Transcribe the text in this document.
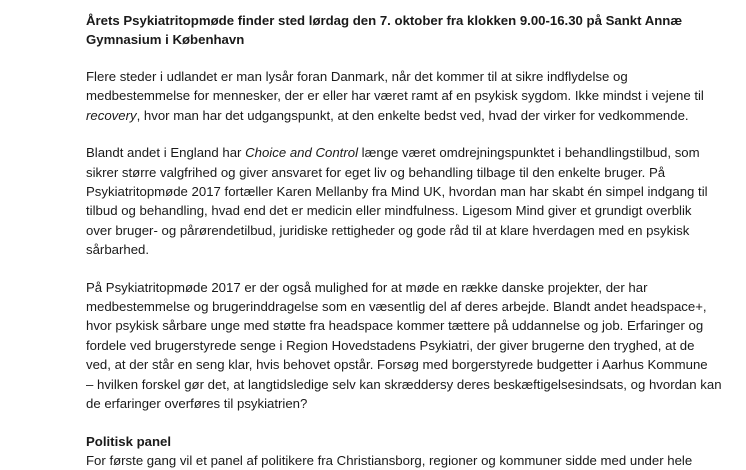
Årets Psykiatritopmøde finder sted lørdag den 7. oktober fra klokken 9.00-16.30 på Sankt Annæ
Gymnasium i København

Flere steder i udlandet er man lysår foran Danmark, når det kommer til at sikre indflydelse og
medbestemmelse for mennesker, der er eller har været ramt af en psykisk sygdom. Ikke mindst i vejene til
recovery, hvor man har det udgangspunkt, at den enkelte bedst ved, hvad der virker for vedkommende.

Blandt andet i England har Choice and Control længe været omdrejningspunktet i behandlingstilbud, som
sikrer større valgfrihed og giver ansvaret for eget liv og behandling tilbage til den enkelte bruger. På
Psykiatritopmøde 2017 fortæller Karen Mellanby fra Mind UK, hvordan man har skabt én simpel indgang til
tilbud og behandling, hvad end det er medicin eller mindfulness. Ligesom Mind giver et grundigt overblik
over bruger- og pårørendetilbud, juridiske rettigheder og gode råd til at klare hverdagen med en psykisk
sårbarhed.

På Psykiatritopmøde 2017 er der også mulighed for at møde en række danske projekter, der har
medbestemmelse og brugerinddragelse som en væsentlig del af deres arbejde. Blandt andet headspace+,
hvor psykisk sårbare unge med støtte fra headspace kommer tættere på uddannelse og job. Erfaringer og
fordele ved brugerstyrede senge i Region Hovedstadens Psykiatri, der giver brugerne den tryghed, at de
ved, at der står en seng klar, hvis behovet opstår. Forsøg med borgerstyrede budgetter i Aarhus Kommune
– hvilken forskel gør det, at langtidsledige selv kan skræddersy deres beskæftigelsesindsats, og hvordan kan
de erfaringer overføres til psykiatrien?

Politisk panel

For første gang vil et panel af politikere fra Christiansborg, regioner og kommuner sidde med under hele
